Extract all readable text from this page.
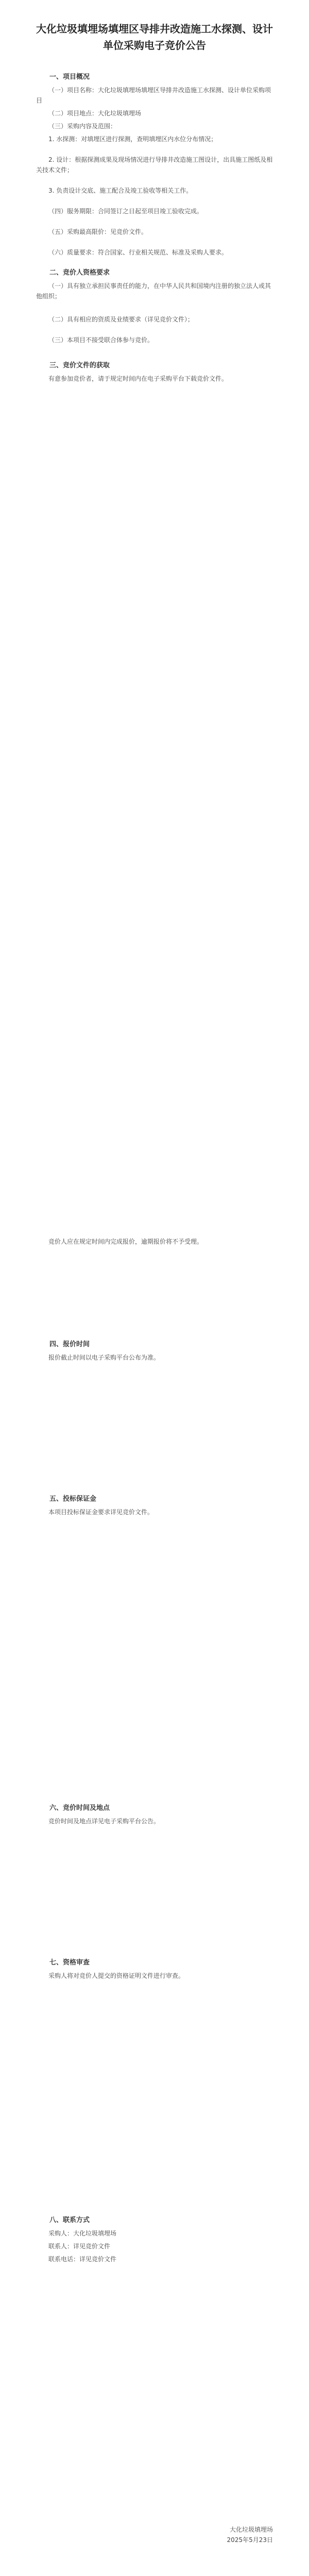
大化垃圾填埋场填埋区导排井改造施工水探测、设计单位采购电子竞价公告
一、项目概况
（一）项目名称：大化垃圾填埋场填埋区导排井改造施工水探测、设计单位采购项目
（二）项目地点：大化垃圾填埋场
（三）采购内容及范围：
1. 水探测：对填埋区进行探测，查明填埋区内水位分布情况；
2. 设计：根据探测成果及现场情况进行导排井改造施工图设计，出具施工图纸及相关技术文件；
3. 负责设计交底、施工配合及竣工验收等相关工作。
（四）服务期限：合同签订之日起至项目竣工验收完成。
（五）采购最高限价：见竞价文件。
（六）质量要求：符合国家、行业相关规范、标准及采购人要求。
二、竞价人资格要求
（一）具有独立承担民事责任的能力，在中华人民共和国境内注册的独立法人或其他组织；
（二）具有相应的资质及业绩要求（详见竞价文件）；
（三）本项目不接受联合体参与竞价。
三、竞价文件的获取
有意参加竞价者，请于规定时间内在电子采购平台下载竞价文件。
竞价人应在规定时间内完成报价，逾期报价将不予受理。
四、报价时间
报价截止时间以电子采购平台公布为准。
五、投标保证金
本项目投标保证金要求详见竞价文件。
六、竞价时间及地点
竞价时间及地点详见电子采购平台公告。
七、资格审查
采购人将对竞价人提交的资格证明文件进行审查。
八、联系方式
采购人：大化垃圾填埋场
联系人：详见竞价文件
联系电话：详见竞价文件
大化垃圾填埋场
2025年5月23日
